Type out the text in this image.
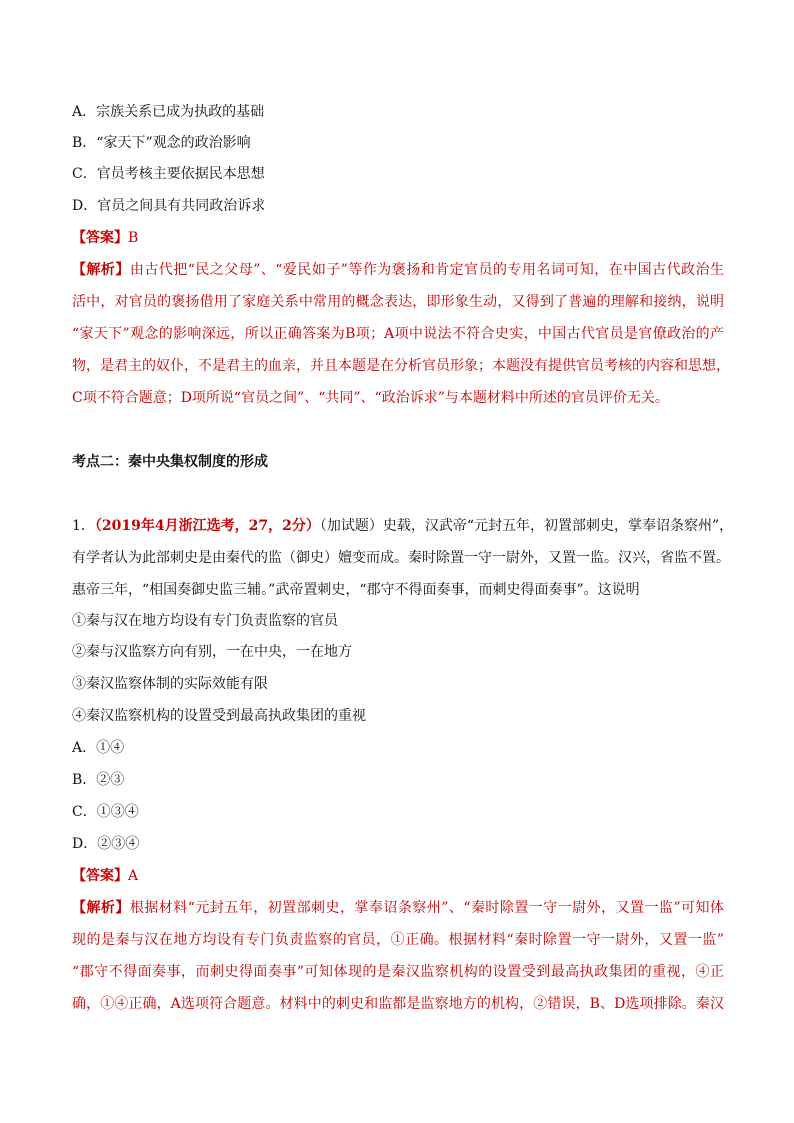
A．宗族关系已成为执政的基础
B．“家天下”观念的政治影响
C．官员考核主要依据民本思想
D．官员之间具有共同政治诉求
【答案】B
【解析】由古代把“民之父母”、“爱民如子”等作为褒扬和肯定官员的专用名词可知，在中国古代政治生
活中，对官员的褒扬借用了家庭关系中常用的概念表达，即形象生动，又得到了普遍的理解和接纳，说明
“家天下”观念的影响深远，所以正确答案为B项；A项中说法不符合史实，中国古代官员是官僚政治的产
物，是君主的奴仆，不是君主的血亲，并且本题是在分析官员形象；本题没有提供官员考核的内容和思想，
C项不符合题意；D项所说“官员之间”、“共同”、“政治诉求”与本题材料中所述的官员评价无关。
考点二：秦中央集权制度的形成
1．（2019年4月浙江选考，27，2分）（加试题）史载，汉武帝“元封五年，初置部刺史，掌奉诏条察州”，
有学者认为此部刺史是由秦代的监（御史）嬗变而成。秦时除置一守一尉外，又置一监。汉兴，省监不置。
惠帝三年，“相国奏御史监三辅。”武帝置刺史，“郡守不得面奏事，而刺史得面奏事”。这说明
①秦与汉在地方均设有专门负责监察的官员
②秦与汉监察方向有别，一在中央，一在地方
③秦汉监察体制的实际效能有限
④秦汉监察机构的设置受到最高执政集团的重视
A．①④
B．②③
C．①③④
D．②③④
【答案】A
【解析】根据材料“元封五年，初置部刺史，掌奉诏条察州”、“秦时除置一守一尉外，又置一监”可知体
现的是秦与汉在地方均设有专门负责监察的官员，①正确。根据材料“秦时除置一守一尉外，又置一监”
“郡守不得面奏事，而刺史得面奏事”可知体现的是秦汉监察机构的设置受到最高执政集团的重视，④正
确，①④正确，A选项符合题意。材料中的刺史和监都是监察地方的机构，②错误，B、D选项排除。秦汉
